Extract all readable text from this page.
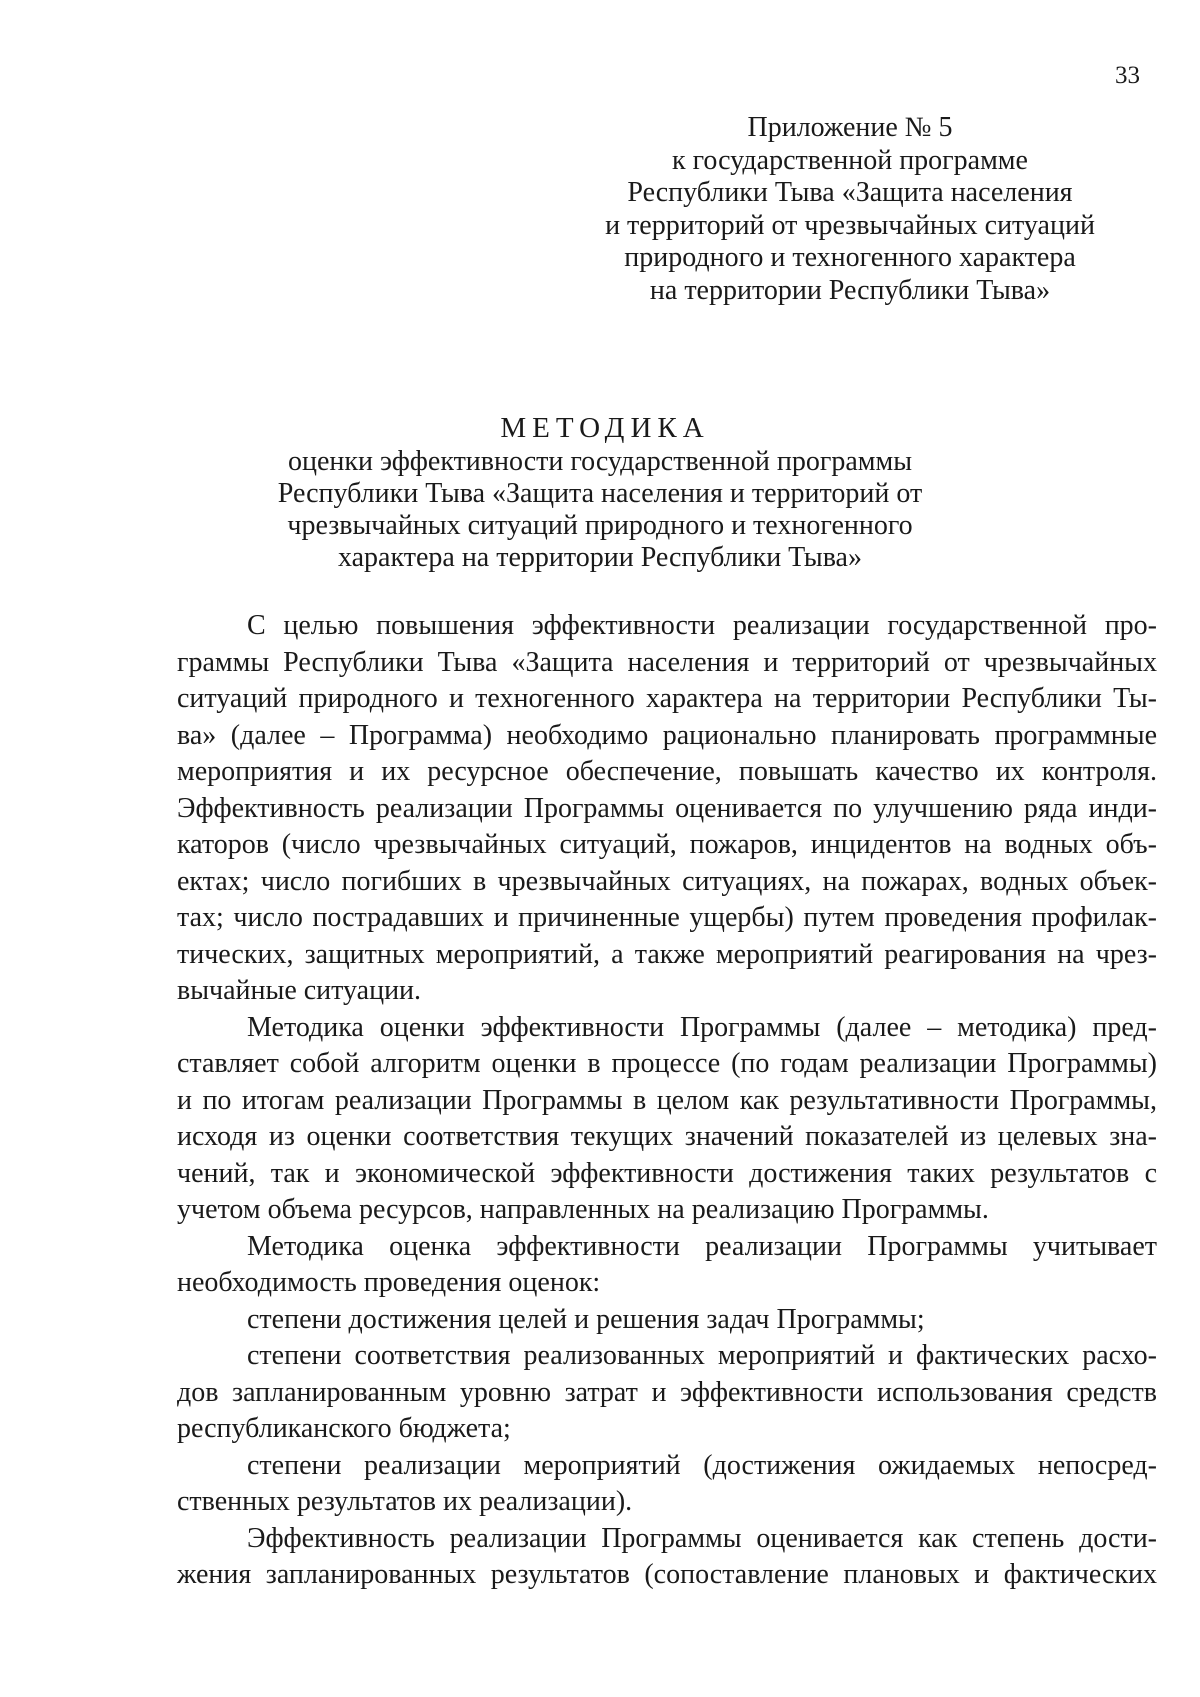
33
Приложение № 5
к государственной программе
Республики Тыва «Защита населения
и территорий от чрезвычайных ситуаций
природного и техногенного характера
на территории Республики Тыва»
МЕТОДИКА
оценки эффективности государственной программы
Республики Тыва «Защита населения и территорий от
чрезвычайных ситуаций природного и техногенного
характера на территории Республики Тыва»
С целью повышения эффективности реализации государственной про-
граммы Республики Тыва «Защита населения и территорий от чрезвычайных
ситуаций природного и техногенного характера на территории Республики Ты-
ва» (далее – Программа) необходимо рационально планировать программные
мероприятия и их ресурсное обеспечение, повышать качество их контроля.
Эффективность реализации Программы оценивается по улучшению ряда инди-
каторов (число чрезвычайных ситуаций, пожаров, инцидентов на водных объ-
ектах; число погибших в чрезвычайных ситуациях, на пожарах, водных объек-
тах; число пострадавших и причиненные ущербы) путем проведения профилак-
тических, защитных мероприятий, а также мероприятий реагирования на чрез-
вычайные ситуации.
Методика оценки эффективности Программы (далее – методика) пред-
ставляет собой алгоритм оценки в процессе (по годам реализации Программы)
и по итогам реализации Программы в целом как результативности Программы,
исходя из оценки соответствия текущих значений показателей из целевых зна-
чений, так и экономической эффективности достижения таких результатов с
учетом объема ресурсов, направленных на реализацию Программы.
Методика оценка эффективности реализации Программы учитывает
необходимость проведения оценок:
степени достижения целей и решения задач Программы;
степени соответствия реализованных мероприятий и фактических расхо-
дов запланированным уровню затрат и эффективности использования средств
республиканского бюджета;
степени реализации мероприятий (достижения ожидаемых непосред-
ственных результатов их реализации).
Эффективность реализации Программы оценивается как степень дости-
жения запланированных результатов (сопоставление плановых и фактических
